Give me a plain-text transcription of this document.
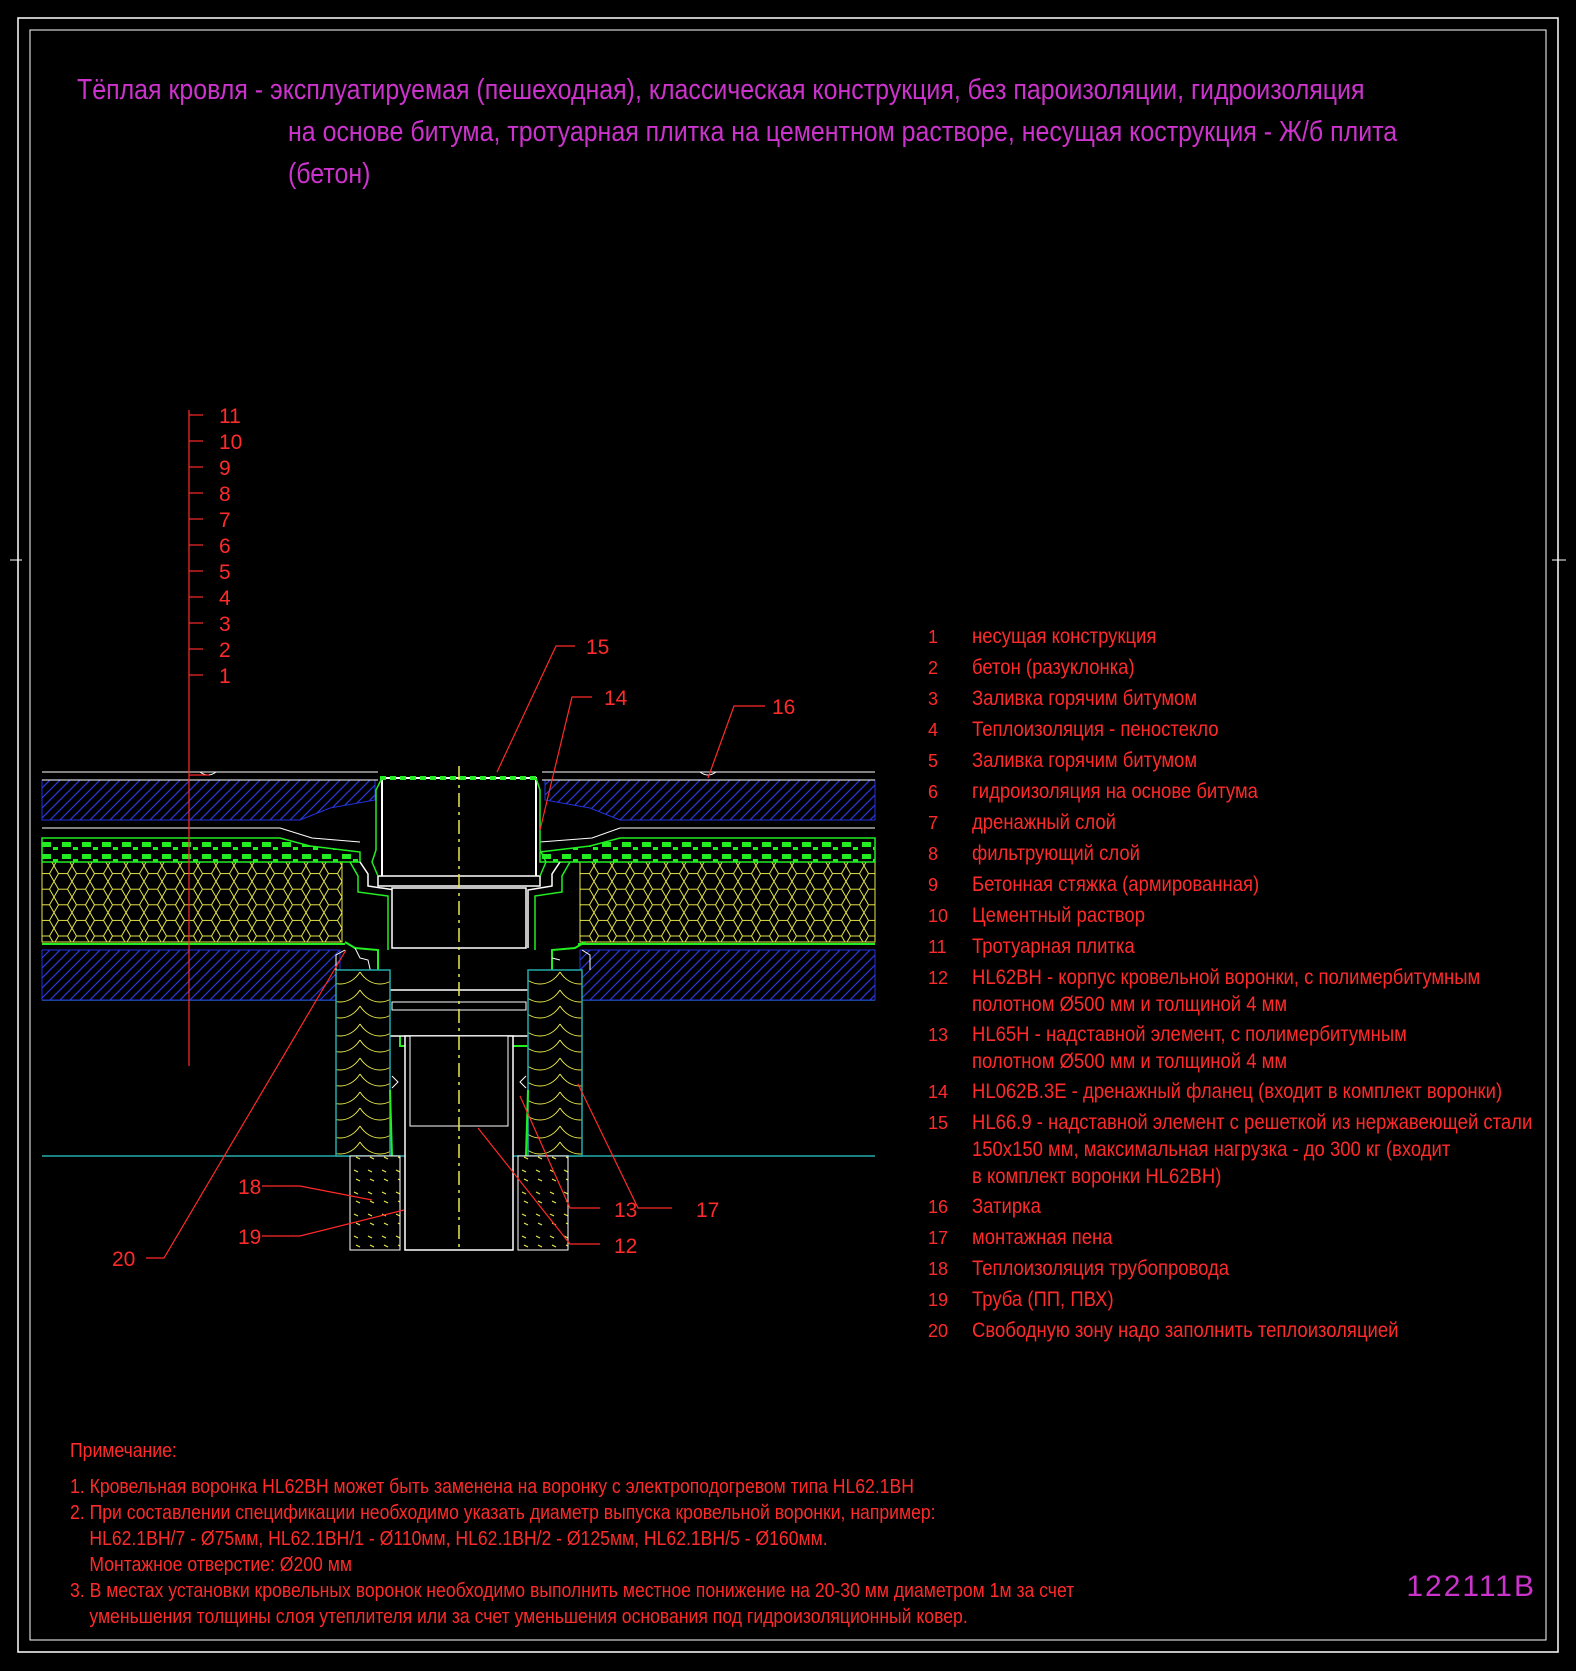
1
2
3
4
5
6
7
8
9
10
11
15
14	16
13	17
12
18
19
20
Тёплая кровля - эксплуатируемая (пешеходная), классическая конструкция, без пароизоляции, гидроизоляция
на основе битума, тротуарная плитка на цементном растворе, несущая кострукция - Ж/б плита
(бетон)
1	несущая конструкция
2	бетон (разуклонка)
3	Заливка горячим битумом
4	Теплоизоляция - пеностекло
5	Заливка горячим битумом
6	гидроизоляция на основе битума
7	дренажный слой
8	фильтрующий слой
9	Бетонная стяжка (армированная)
10	Цементный раствор
11	Тротуарная плитка
12	HL62BH - корпус кровельной воронки, с полимербитумным
полотном Ø500 мм и толщиной 4 мм
13	HL65H - надставной элемент, с полимербитумным
полотном Ø500 мм и толщиной 4 мм
14	HL062B.3E - дренажный фланец (входит в комплект воронки)
15	HL66.9 - надставной элемент с решеткой из нержавеющей стали
150x150 мм, максимальная нагрузка - до 300 кг (входит
в комплект воронки HL62BH)
16	Затирка
17	монтажная пена
18	Теплоизоляция трубопровода
19	Труба (ПП, ПВХ)
20	Свободную зону надо заполнить теплоизоляцией
Примечание:
1. Кровельная воронка HL62BH может быть заменена на воронку с электроподогревом типа HL62.1BH
2. При составлении спецификации необходимо указать диаметр выпуска кровельной воронки, например:
HL62.1BH/7 - Ø75мм, HL62.1BH/1 - Ø110мм, HL62.1BH/2 - Ø125мм, HL62.1BH/5 - Ø160мм.
Монтажное отверстие: Ø200 мм
3. В местах установки кровельных воронок необходимо выполнить местное понижение на 20-30 мм диаметром 1м за счет
уменьшения толщины слоя утеплителя или за счет уменьшения основания под гидроизоляционный ковер.
122111B
